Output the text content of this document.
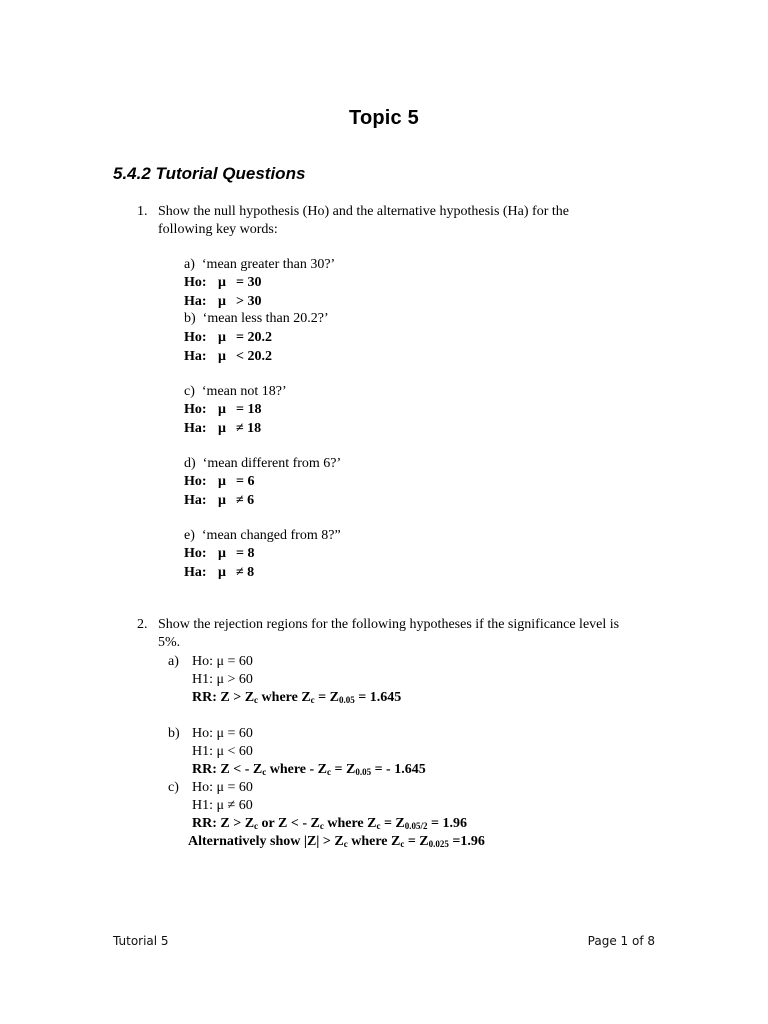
Topic 5
5.4.2 Tutorial Questions
1. Show the null hypothesis (Ho) and the alternative hypothesis (Ha) for the
following key words:
a) ‘mean greater than 30?’
Ho: μ = 30
Ha: μ > 30
b) ‘mean less than 20.2?’
Ho: μ = 20.2
Ha: μ < 20.2
c) ‘mean not 18?’
Ho: μ = 18
Ha: μ ≠ 18
d) ‘mean different from 6?’
Ho: μ = 6
Ha: μ ≠ 6
e) ‘mean changed from 8?”
Ho: μ = 8
Ha: μ ≠ 8
2. Show the rejection regions for the following hypotheses if the significance level is
5%.
a) Ho: μ = 60
H1: μ > 60
RR: $Z > Z_c$ where $Z_c = Z_{0.05} = 1.645$
b) Ho: μ = 60
H1: μ < 60
RR: Z < - $Z_c$ where - $Z_c = Z_{0.05}$ = - 1.645
c) Ho: μ = 60
H1: μ ≠ 60
RR: $Z > Z_c$ or Z < - $Z_c$ where $Z_c = Z_{0.05/2} = 1.96$
Alternatively show $|Z| > Z_c$ where $Z_c = Z_{0.025} =1.96$
Tutorial 5	Page 1 of 8
